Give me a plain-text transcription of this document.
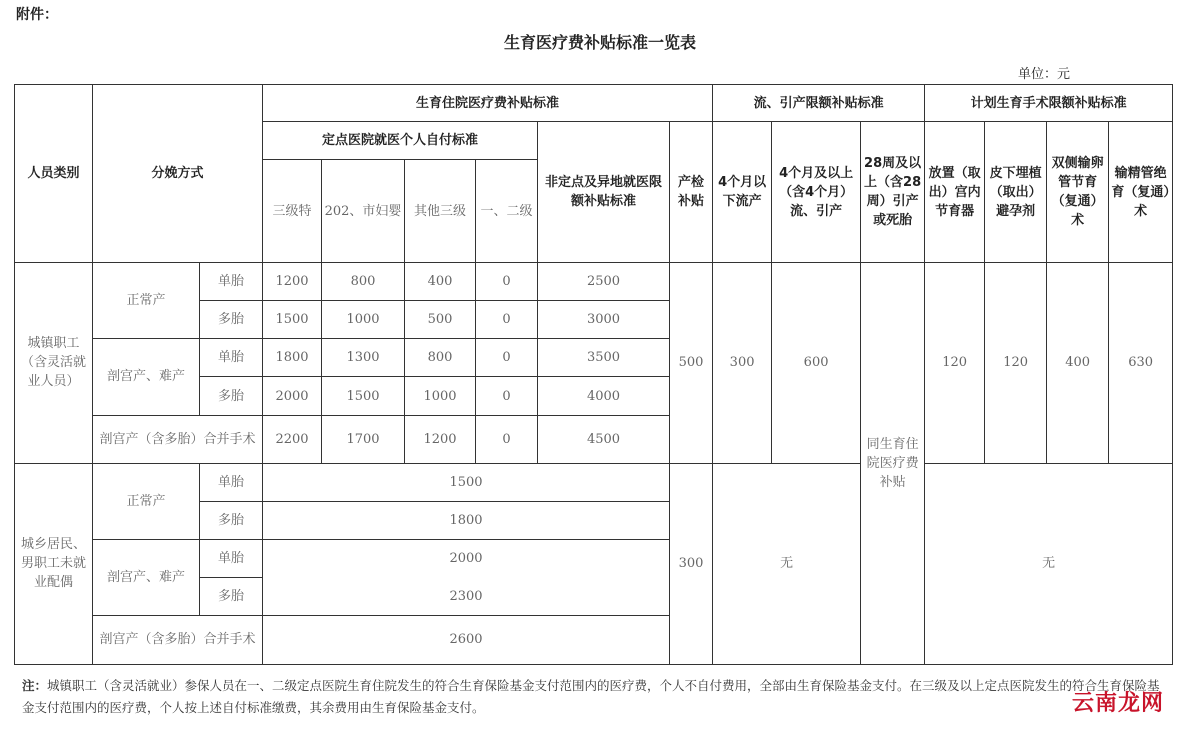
附件：
生育医疗费补贴标准一览表
单位：元
人员类别	分娩方式		生育住院医疗费补贴标准						流、引产限额补贴标准			计划生育手术限额补贴标准			
			定点医院就医个人自付标准				非定点及异地就医限额补贴标准	产检补贴	4个月以下流产	4个月及以上（含4个月）流、引产	28周及以上（含28周）引产或死胎	放置（取出）宫内节育器	皮下埋植（取出）避孕剂	双侧输卵管节育（复通）术	输精管绝育（复通）术
			三级特	202、市妇婴	其他三级	一、二级									
城镇职工（含灵活就业人员）	正常产	单胎	1200	800	400	0	2500	500	300	600	同生育住院医疗费补贴	120	120	400	630
		多胎	1500	1000	500	0	3000								
	剖宫产、难产	单胎	1800	1300	800	0	3500								
		多胎	2000	1500	1000	0	4000								
	剖宫产（含多胎）合并手术		2200	1700	1200	0	4500								
城乡居民、男职工未就业配偶	正常产	单胎	1500					300	无			无			
		多胎	1800												
	剖宫产、难产	单胎	2000												
		多胎	2300												
	剖宫产（含多胎）合并手术		2600												
注：城镇职工（含灵活就业）参保人员在一、二级定点医院生育住院发生的符合生育保险基金支付范围内的医疗费，个人不自付费用，全部由生育保险基金支付。在三级及以上定点医院发生的符合生育保险基金支付范围内的医疗费，个人按上述自付标准缴费，其余费用由生育保险基金支付。	云南龙网
